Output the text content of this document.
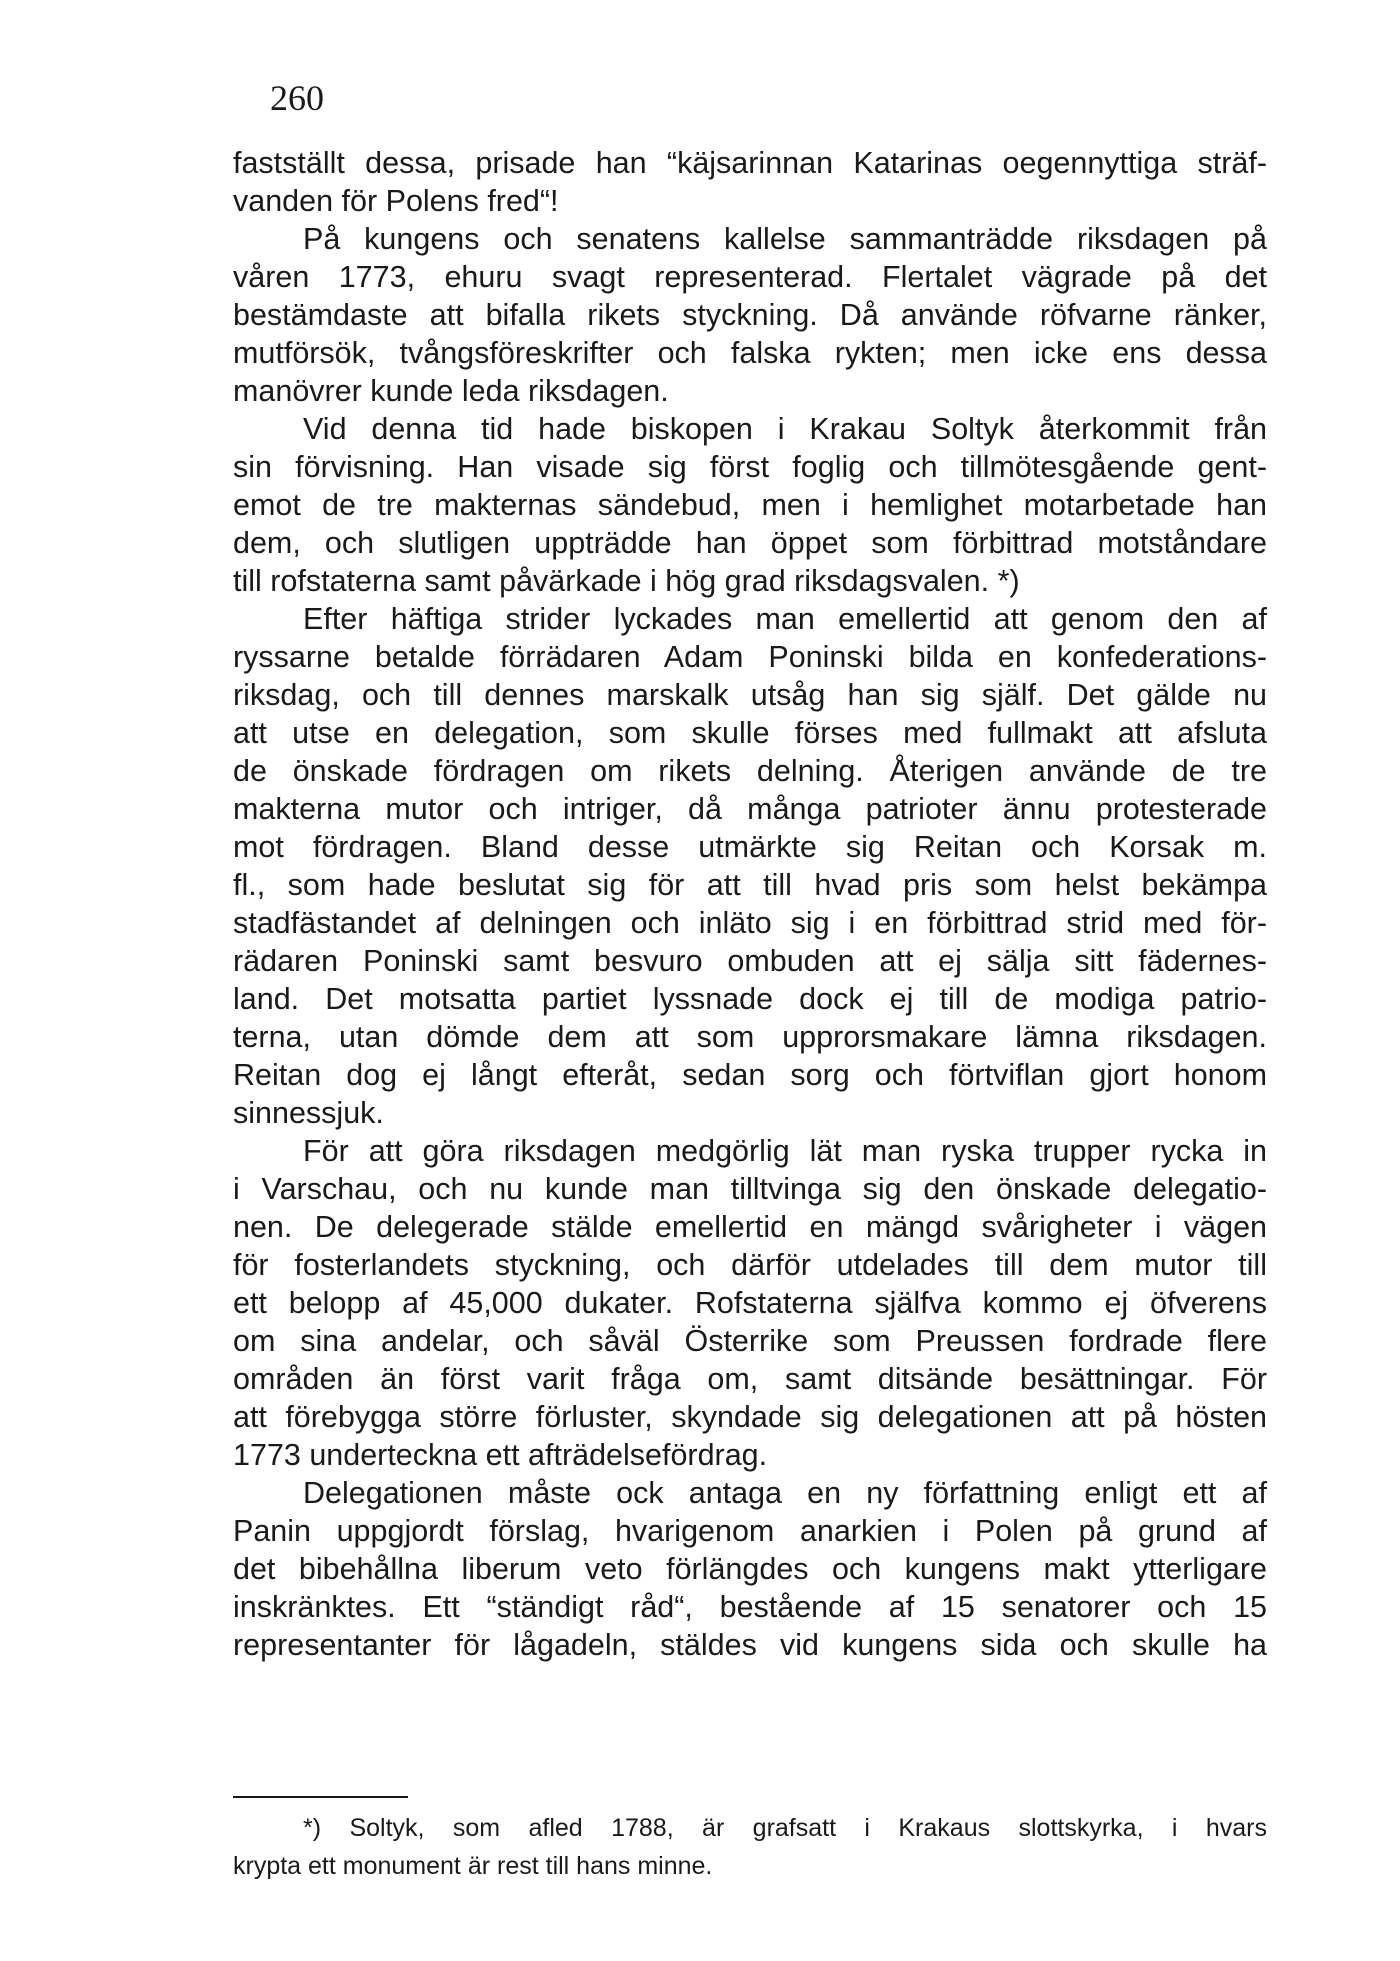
260

fastställt dessa, prisade han “käjsarinnan Katarinas oegennyttiga sträf-
vanden för Polens fred“!

På kungens och senatens kallelse sammanträdde riksdagen på
våren 1773, ehuru svagt representerad. Flertalet vägrade på det
bestämdaste att bifalla rikets styckning. Då använde röfvarne ränker,
mutförsök, tvångsföreskrifter och falska rykten; men icke ens dessa
manövrer kunde leda riksdagen.

Vid denna tid hade biskopen i Krakau Soltyk återkommit från
sin förvisning. Han visade sig först foglig och tillmötesgående gent-
emot de tre makternas sändebud, men i hemlighet motarbetade han
dem, och slutligen uppträdde han öppet som förbittrad motståndare
till rofstaterna samt påvärkade i hög grad riksdagsvalen. *)

Efter häftiga strider lyckades man emellertid att genom den af
ryssarne betalde förrädaren Adam Poninski bilda en konfederations-
riksdag, och till dennes marskalk utsåg han sig själf. Det gälde nu
att utse en delegation, som skulle förses med fullmakt att afsluta
de önskade fördragen om rikets delning. Återigen använde de tre
makterna mutor och intriger, då många patrioter ännu protesterade
mot fördragen. Bland desse utmärkte sig Reitan och Korsak m.
fl., som hade beslutat sig för att till hvad pris som helst bekämpa
stadfästandet af delningen och inläto sig i en förbittrad strid med för-
rädaren Poninski samt besvuro ombuden att ej sälja sitt fädernes-
land. Det motsatta partiet lyssnade dock ej till de modiga patrio-
terna, utan dömde dem att som upprorsmakare lämna riksdagen.
Reitan dog ej långt efteråt, sedan sorg och förtviflan gjort honom
sinnessjuk.

För att göra riksdagen medgörlig lät man ryska trupper rycka in
i Varschau, och nu kunde man tilltvinga sig den önskade delegatio-
nen. De delegerade stälde emellertid en mängd svårigheter i vägen
för fosterlandets styckning, och därför utdelades till dem mutor till
ett belopp af 45,000 dukater. Rofstaterna själfva kommo ej öfverens
om sina andelar, och såväl Österrike som Preussen fordrade flere
områden än först varit fråga om, samt ditsände besättningar. För
att förebygga större förluster, skyndade sig delegationen att på hösten
1773 underteckna ett afträdelsefördrag.

Delegationen måste ock antaga en ny författning enligt ett af
Panin uppgjordt förslag, hvarigenom anarkien i Polen på grund af
det bibehållna liberum veto förlängdes och kungens makt ytterligare
inskränktes. Ett “ständigt råd“, bestående af 15 senatorer och 15
representanter för lågadeln, stäldes vid kungens sida och skulle ha

*) Soltyk, som afled 1788, är grafsatt i Krakaus slottskyrka, i hvars
krypta ett monument är rest till hans minne.
